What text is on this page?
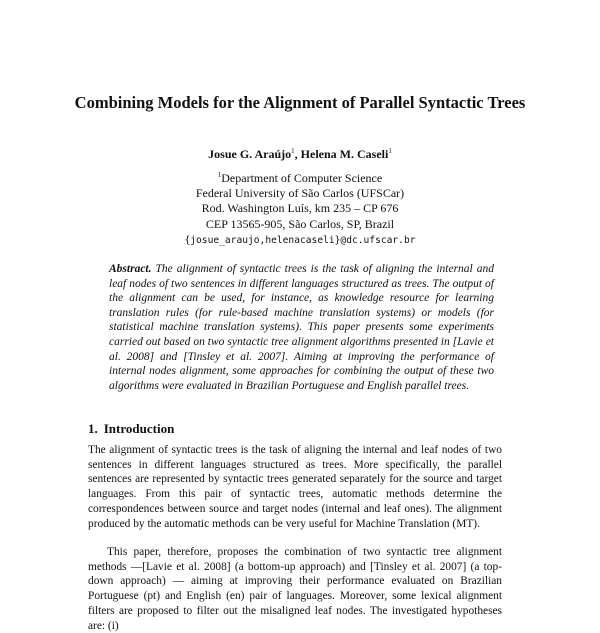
Combining Models for the Alignment of Parallel Syntactic Trees
Josue G. Araújo$^1$, Helena M. Caseli$^1$
$^1$Department of Computer Science
Federal University of São Carlos (UFSCar)
Rod. Washington Luís, km 235 – CP 676
CEP 13565-905, São Carlos, SP, Brazil
{josue_araujo,helenacaseli}@dc.ufscar.br
Abstract. The alignment of syntactic trees is the task of aligning the internal and leaf nodes of two sentences in different languages structured as trees. The output of the alignment can be used, for instance, as knowledge resource for learning translation rules (for rule-based machine translation systems) or models (for statistical machine translation systems). This paper presents some experiments carried out based on two syntactic tree alignment algorithms presented in [Lavie et al. 2008] and [Tinsley et al. 2007]. Aiming at improving the performance of internal nodes alignment, some approaches for combining the output of these two algorithms were evaluated in Brazilian Portuguese and English parallel trees.
1. Introduction

The alignment of syntactic trees is the task of aligning the internal and leaf nodes of two sentences in different languages structured as trees. More specifically, the parallel sentences are represented by syntactic trees generated separately for the source and target languages. From this pair of syntactic trees, automatic methods determine the correspondences between source and target nodes (internal and leaf ones). The alignment produced by the automatic methods can be very useful for Machine Translation (MT).

This paper, therefore, proposes the combination of two syntactic tree alignment methods —[Lavie et al. 2008] (a bottom-up approach) and [Tinsley et al. 2007] (a top-down approach) — aiming at improving their performance evaluated on Brazilian Portuguese (pt) and English (en) pair of languages. Moreover, some lexical alignment filters are proposed to filter out the misaligned leaf nodes. The investigated hypotheses are: (i)
